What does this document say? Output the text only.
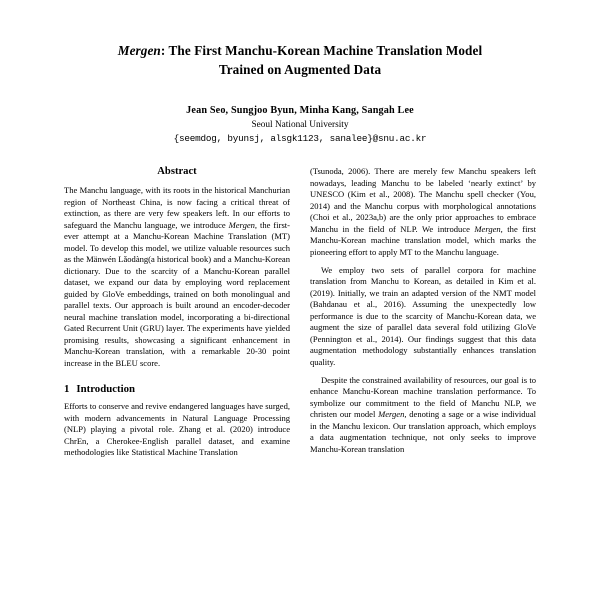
Mergen: The First Manchu-Korean Machine Translation Model
Trained on Augmented Data
Jean Seo, Sungjoo Byun, Minha Kang, Sangah Lee
Seoul National University
{seemdog, byunsj, alsgk1123, sanalee}@snu.ac.kr
Abstract

The Manchu language, with its roots in the historical Manchurian region of Northeast China, is now facing a critical threat of extinction, as there are very few speakers left. In our efforts to safeguard the Manchu language, we introduce Mergen, the first-ever attempt at a Manchu-Korean Machine Translation (MT) model. To develop this model, we utilize valuable resources such as the Mänwén Lǎodàng(a historical book) and a Manchu-Korean dictionary. Due to the scarcity of a Manchu-Korean parallel dataset, we expand our data by employing word replacement guided by GloVe embeddings, trained on both monolingual and parallel texts. Our approach is built around an encoder-decoder neural machine translation model, incorporating a bi-directional Gated Recurrent Unit (GRU) layer. The experiments have yielded promising results, showcasing a significant enhancement in Manchu-Korean translation, with a remarkable 20-30 point increase in the BLEU score.

1 Introduction

Efforts to conserve and revive endangered languages have surged, with modern advancements in Natural Language Processing (NLP) playing a pivotal role. Zhang et al. (2020) introduce ChrEn, a Cherokee-English parallel dataset, and examine methodologies like Statistical Machine Translation

(Tsunoda, 2006). There are merely few Manchu speakers left nowadays, leading Manchu to be labeled ‘nearly extinct’ by UNESCO (Kim et al., 2008). The Manchu spell checker (You, 2014) and the Manchu corpus with morphological annotations (Choi et al., 2023a,b) are the only prior approaches to embrace Manchu in the field of NLP. We introduce Mergen, the first Manchu-Korean machine translation model, which marks the pioneering effort to apply MT to the Manchu language.

We employ two sets of parallel corpora for machine translation from Manchu to Korean, as detailed in Kim et al. (2019). Initially, we train an adapted version of the NMT model (Bahdanau et al., 2016). Assuming the unexpectedly low performance is due to the scarcity of Manchu-Korean data, we augment the size of parallel data several fold utilizing GloVe (Pennington et al., 2014). Our findings suggest that this data augmentation methodology substantially enhances translation quality.

Despite the constrained availability of resources, our goal is to enhance Manchu-Korean machine translation performance. To symbolize our commitment to the field of Manchu NLP, we christen our model Mergen, denoting a sage or a wise individual in the Manchu lexicon. Our translation approach, which employs a data augmentation technique, not only seeks to improve Manchu-Korean translation
